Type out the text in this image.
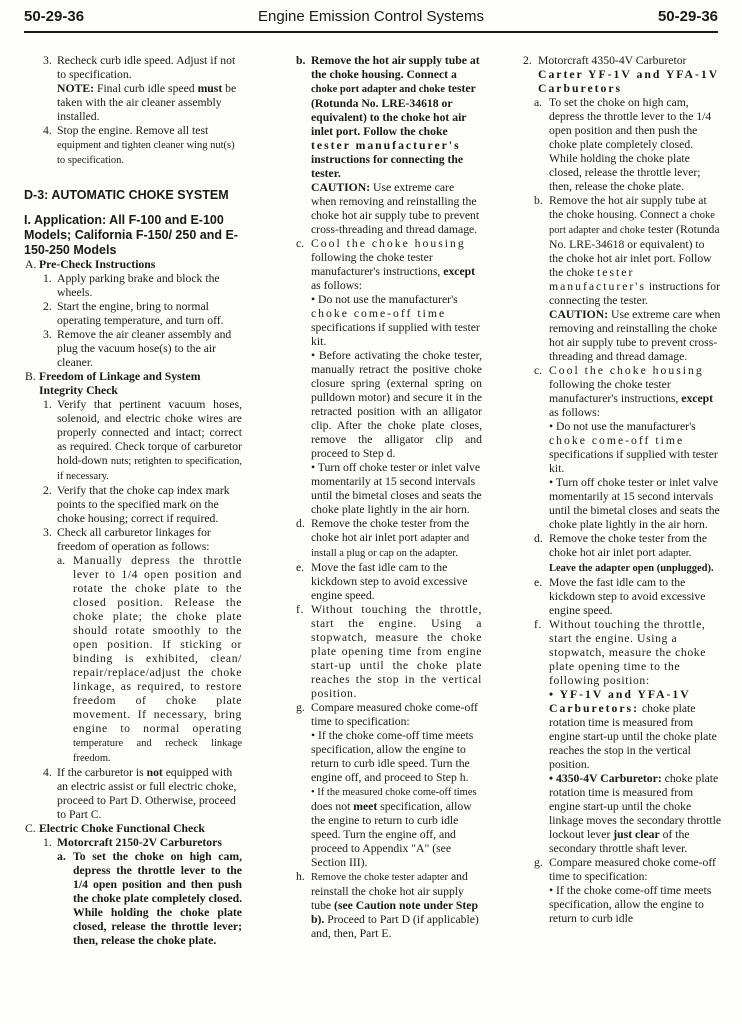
50-29-36	Engine Emission Control Systems	50-29-36
3. Recheck curb idle speed. Adjust if not to specification.
NOTE: Final curb idle speed must be taken with the air cleaner assembly installed.
4. Stop the engine. Remove all test equipment and tighten cleaner wing nut(s) to specification.

D-3: AUTOMATIC CHOKE SYSTEM

I. Application: All F-100 and E-100 Models; California F-150/ 250 and E-150-250 Models

A. Pre-Check Instructions
1. Apply parking brake and block the wheels.
2. Start the engine, bring to normal operating temperature, and turn off.
3. Remove the air cleaner assembly and plug the vacuum hose(s) to the air cleaner.
B. Freedom of Linkage and System Integrity Check
1. Verify that pertinent vacuum hoses, solenoid, and electric choke wires are properly connected and intact; correct as required. Check torque of carburetor hold-down nuts; retighten to specification, if necessary.
2. Verify that the choke cap index mark points to the specified mark on the choke housing; correct if required.
3. Check all carburetor linkages for freedom of operation as follows:
a. Manually depress the throttle lever to 1/4 open position and rotate the choke plate to the closed position. Release the choke plate; the choke plate should rotate smoothly to the open position. If sticking or binding is exhibited, clean/ repair/replace/adjust the choke linkage, as required, to restore freedom of choke plate movement. If necessary, bring engine to normal operating temperature and recheck linkage freedom.
4. If the carburetor is not equipped with an electric assist or full electric choke, proceed to Part D. Otherwise, proceed to Part C.
C. Electric Choke Functional Check
1. Motorcraft 2150-2V Carburetors
a. To set the choke on high cam, depress the throttle lever to the 1/4 open position and then push the choke plate completely closed. While holding the choke plate closed, release the throttle lever; then, release the choke plate.
b. Remove the hot air supply tube at the choke housing. Connect a choke port adapter and choke tester (Rotunda No. LRE-34618 or equivalent) to the choke hot air inlet port. Follow the choke tester manufacturer's instructions for connecting the tester.
CAUTION: Use extreme care when removing and reinstalling the choke hot air supply tube to prevent cross-threading and thread damage.
c. Cool the choke housing following the choke tester manufacturer's instructions, except as follows:
• Do not use the manufacturer's choke come-off time specifications if supplied with tester kit.
• Before activating the choke tester, manually retract the positive choke closure spring (external spring on pulldown motor) and secure it in the retracted position with an alligator clip. After the choke plate closes, remove the alligator clip and proceed to Step d.
• Turn off choke tester or inlet valve momentarily at 15 second intervals until the bimetal closes and seats the choke plate lightly in the air horn.
d. Remove the choke tester from the choke hot air inlet port adapter and install a plug or cap on the adapter.
e. Move the fast idle cam to the kickdown step to avoid excessive engine speed.
f. Without touching the throttle, start the engine. Using a stopwatch, measure the choke plate opening time from engine start-up until the choke plate reaches the stop in the vertical position.
g. Compare measured choke come-off time to specification:
• If the choke come-off time meets specification, allow the engine to return to curb idle speed. Turn the engine off, and proceed to Step h.
• If the measured choke come-off times does not meet specification, allow the engine to return to curb idle speed. Turn the engine off, and proceed to Appendix "A" (see Section III).
h. Remove the choke tester adapter and reinstall the choke hot air supply tube (see Caution note under Step b). Proceed to Part D (if applicable) and, then, Part E.
2. Motorcraft 4350-4V Carburetor
Carter YF-1V and YFA-1V Carburetors
a. To set the choke on high cam, depress the throttle lever to the 1/4 open position and then push the choke plate completely closed. While holding the choke plate closed, release the throttle lever; then, release the choke plate.
b. Remove the hot air supply tube at the choke housing. Connect a choke port adapter and choke tester (Rotunda No. LRE-34618 or equivalent) to the choke hot air inlet port. Follow the choke tester manufacturer's instructions for connecting the tester.
CAUTION: Use extreme care when removing and reinstalling the choke hot air supply tube to prevent cross-threading and thread damage.
c. Cool the choke housing following the choke tester manufacturer's instructions, except as follows:
• Do not use the manufacturer's choke come-off time specifications if supplied with tester kit.
• Turn off choke tester or inlet valve momentarily at 15 second intervals until the bimetal closes and seats the choke plate lightly in the air horn.
d. Remove the choke tester from the choke hot air inlet port adapter. Leave the adapter open (unplugged).
e. Move the fast idle cam to the kickdown step to avoid excessive engine speed.
f. Without touching the throttle, start the engine. Using a stopwatch, measure the choke plate opening time to the following position:
• YF-1V and YFA-1V Carburetors: choke plate rotation time is measured from engine start-up until the choke plate reaches the stop in the vertical position.
• 4350-4V Carburetor: choke plate rotation time is measured from engine start-up until the choke linkage moves the secondary throttle lockout lever just clear of the secondary throttle shaft lever.
g. Compare measured choke come-off time to specification:
• If the choke come-off time meets specification, allow the engine to return to curb idle
